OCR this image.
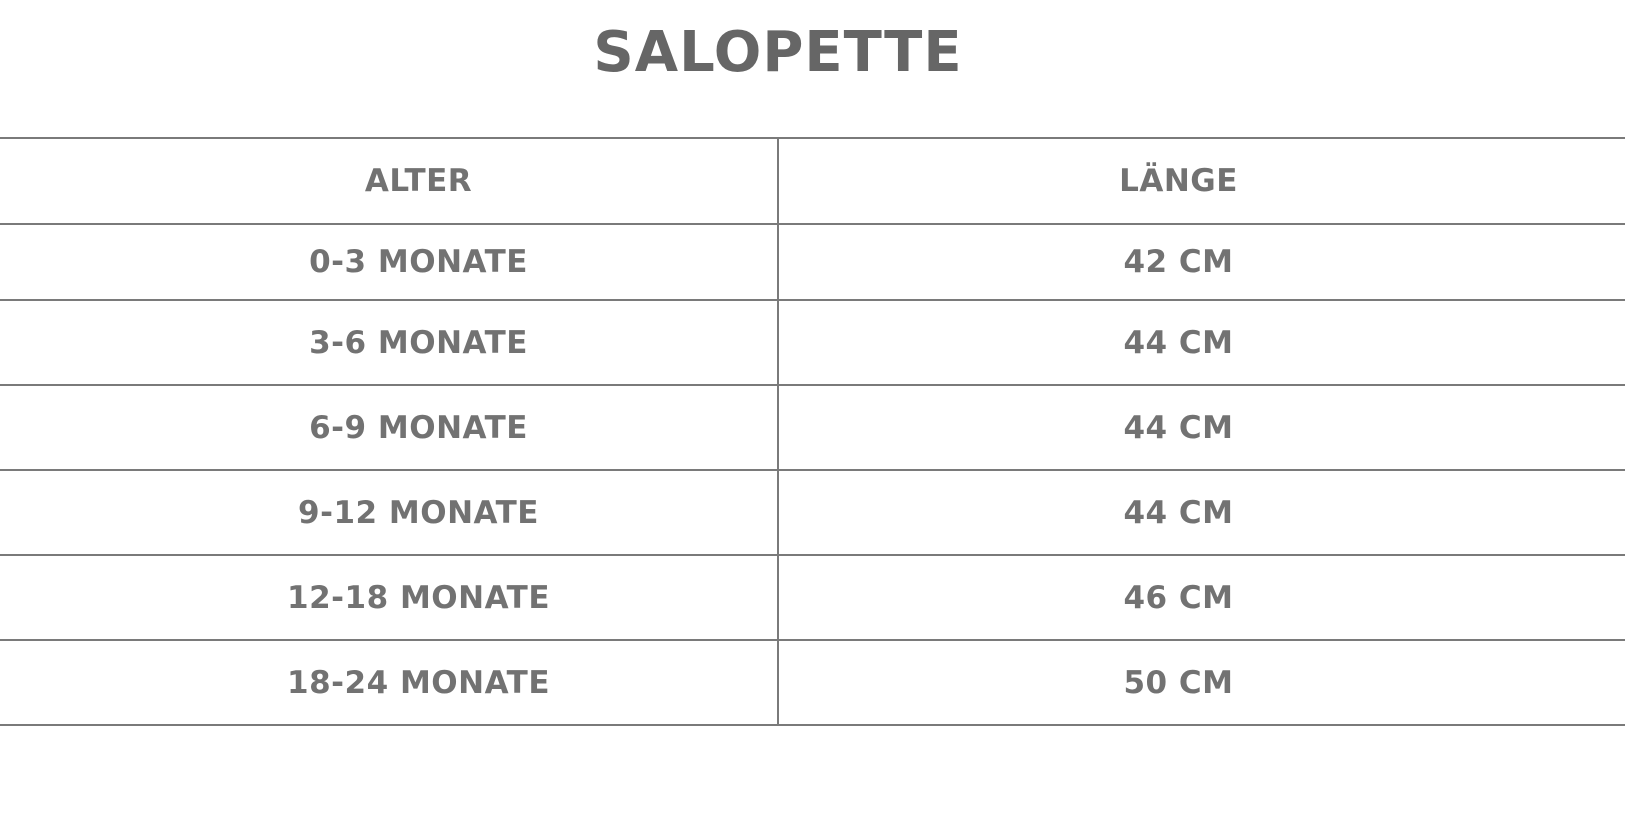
SALOPETTE
ALTER	LÄNGE
0-3 MONATE	42 CM
3-6 MONATE	44 CM
6-9 MONATE	44 CM
9-12 MONATE	44 CM
12-18 MONATE	46 CM
18-24 MONATE	50 CM
